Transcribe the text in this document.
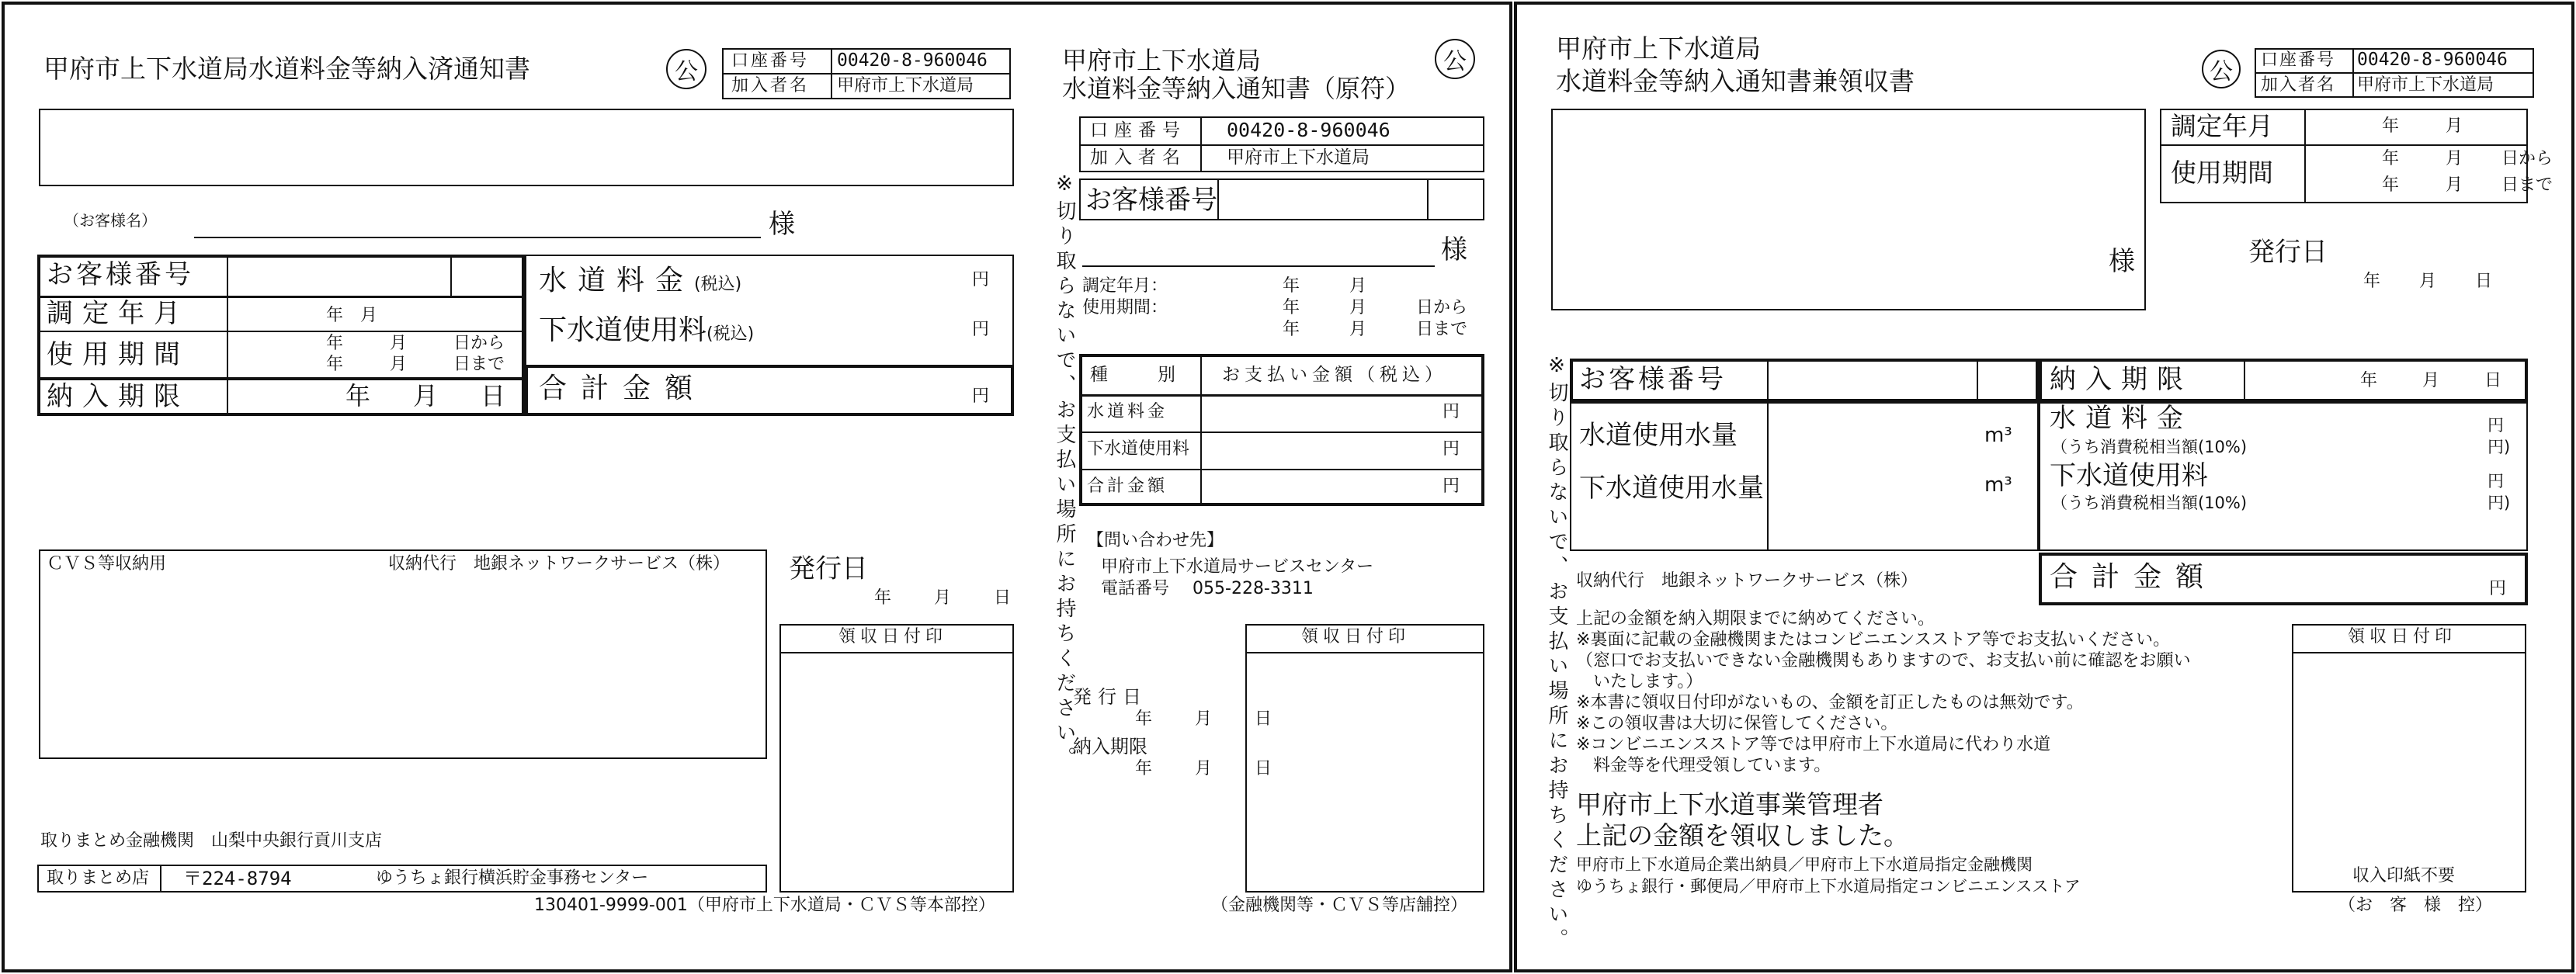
甲府市上下水道局水道料金等納入済通知書	公 口座番号 00420-8-960046
加入者名 甲府市上下水道局
（お客様名）	様
お客様番号
調定年月	年　月
使用期間	年	月	日から
年	月	日まで
納入期限	年 月 日
水道料金(税込)	円
下水道使用料(税込)	円
合計金額	円
ＣＶＳ等収納用	収納代行　地銀ネットワークサービス（株） 発行日
年	月	日
領収日付印
取りまとめ金融機関　山梨中央銀行貢川支店
取りまとめ店 〒224-8794	ゆうちょ銀行横浜貯金事務センター
130401-9999-001（甲府市上下水道局・ＣＶＳ等本部控）
※切り取らないで、お支払い場所にお持ちください。
甲府市上下水道局
水道料金等納入通知書（原符）
公
口座番号 00420-8-960046
加入者名 甲府市上下水道局
お客様番号
様
調定年月：	年	月
使用期間：	年	月	日から
年	月	日まで
種　　別 お支払い金額（税込）
水道料金	円
下水道使用料	円
合計金額	円
【問い合わせ先】
甲府市上下水道局サービスセンター
電話番号 055-228-3311
発行日
年	月	日
納入期限
年	月	日
領収日付印
（金融機関等・ＣＶＳ等店舗控）	※切り取らないで、お支払い場所にお持ちください。
甲府市上下水道局
水道料金等納入通知書兼領収書	公 口座番号 00420-8-960046
加入者名 甲府市上下水道局
様
調定年月	年	月
使用期間	年	月 日から
年	月 日まで
発行日
年 月 日
お客様番号
水道使用水量	m³
下水道使用水量	m³
納入期限	年	月	日
水道料金	円
（うち消費税相当額(10%)	円)
下水道使用料	円
（うち消費税相当額(10%)	円)
収納代行　地銀ネットワークサービス（株）	合計金額	円
上記の金額を納入期限までに納めてください。
※裏面に記載の金融機関またはコンビニエンスストア等でお支払いください。
（窓口でお支払いできない金融機関もありますので、お支払い前に確認をお願い
　いたします。）
※本書に領収日付印がないもの、金額を訂正したものは無効です。
※この領収書は大切に保管してください。
※コンビニエンスストア等では甲府市上下水道局に代わり水道
　料金等を代理受領しています。
甲府市上下水道事業管理者
上記の金額を領収しました。
甲府市上下水道局企業出納員／甲府市上下水道局指定金融機関
ゆうちょ銀行・郵便局／甲府市上下水道局指定コンビニエンスストア
領収日付印
収入印紙不要
（お　客　様　控）
